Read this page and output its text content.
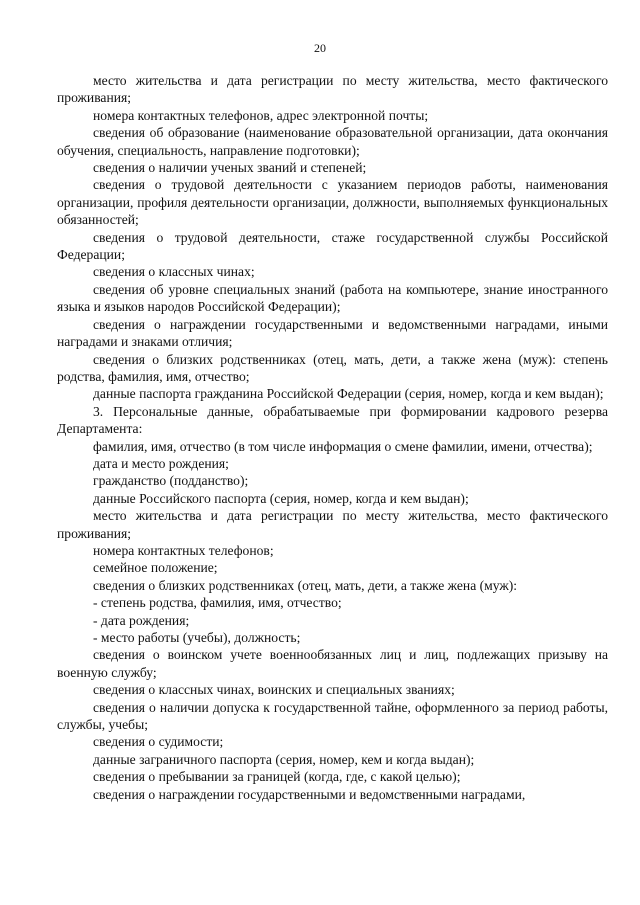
20

место жительства и дата регистрации по месту жительства, место фактического проживания;

номера контактных телефонов, адрес электронной почты;

сведения об образование (наименование образовательной организации, дата окончания обучения, специальность, направление подготовки);

сведения о наличии ученых званий и степеней;

сведения о трудовой деятельности с указанием периодов работы, наименования организации, профиля деятельности организации, должности, выполняемых функциональных обязанностей;

сведения о трудовой деятельности, стаже государственной службы Российской Федерации;

сведения о классных чинах;

сведения об уровне специальных знаний (работа на компьютере, знание иностранного языка и языков народов Российской Федерации);

сведения о награждении государственными и ведомственными наградами, иными наградами и знаками отличия;

сведения о близких родственниках (отец, мать, дети, а также жена (муж): степень родства, фамилия, имя, отчество;

данные паспорта гражданина Российской Федерации (серия, номер, когда и кем выдан);

3. Персональные данные, обрабатываемые при формировании кадрового резерва Департамента:

фамилия, имя, отчество (в том числе информация о смене фамилии, имени, отчества);

дата и место рождения;

гражданство (подданство);

данные Российского паспорта (серия, номер, когда и кем выдан);

место жительства и дата регистрации по месту жительства, место фактического проживания;

номера контактных телефонов;

семейное положение;

сведения о близких родственниках (отец, мать, дети, а также жена (муж):

- степень родства, фамилия, имя, отчество;

- дата рождения;

- место работы (учебы), должность;

сведения о воинском учете военнообязанных лиц и лиц, подлежащих призыву на военную службу;

сведения о классных чинах, воинских и специальных званиях;

сведения о наличии допуска к государственной тайне, оформленного за период работы, службы, учебы;

сведения о судимости;

данные заграничного паспорта (серия, номер, кем и когда выдан);

сведения о пребывании за границей (когда, где, с какой целью);

сведения о награждении государственными и ведомственными наградами,
